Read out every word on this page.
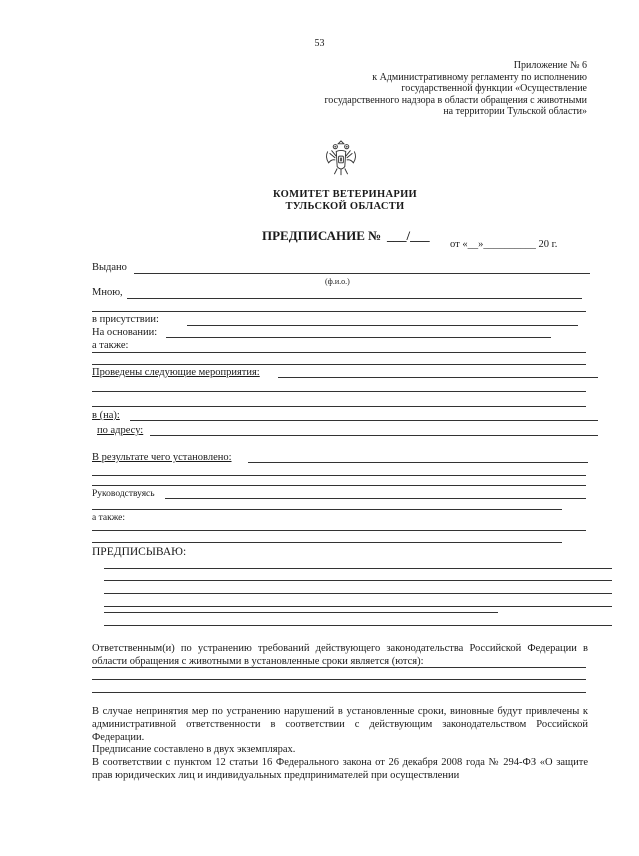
53
Приложение № 6
к Административному регламенту по исполнению
государственной функции «Осуществление
государственного надзора в области обращения с животными
на территории Тульской области»
КОМИТЕТ ВЕТЕРИНАРИИ
ТУЛЬСКОЙ ОБЛАСТИ
ПРЕДПИСАНИЕ № ___/___
от «__»__________ 20 г.
Выдано
(ф.и.о.)
Мною,
в присутствии:
На основании:
а также:
Проведены следующие мероприятия:
в (на):
по адресу:
В результате чего установлено:
Руководствуясь
а также:
ПРЕДПИСЫВАЮ:

Ответственным(и) по устранению требований действующего законодательства Российской Федерации в области обращения с животными в установленные сроки является (ются):

В случае непринятия мер по устранению нарушений в установленные сроки, виновные будут привлечены к административной ответственности в соответствии с действующим законодательством Российской Федерации.

Предписание составлено в двух экземплярах.

В соответствии с пунктом 12 статьи 16 Федерального закона от 26 декабря 2008 года № 294-ФЗ «О защите прав юридических лиц и индивидуальных предпринимателей при осуществлении
